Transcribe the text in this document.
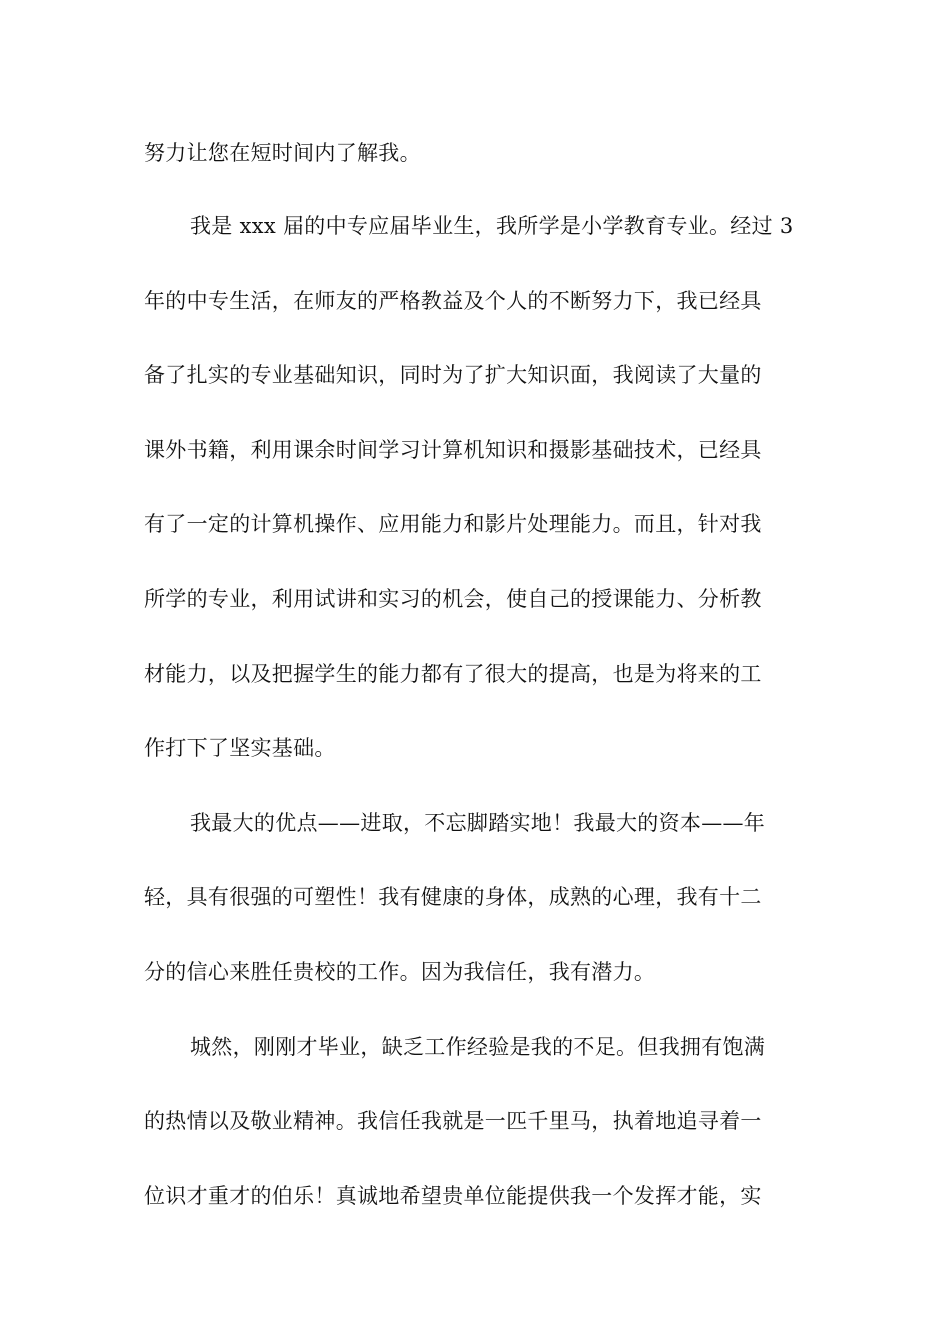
努力让您在短时间内了解我。
我是 xxx 届的中专应届毕业生，我所学是小学教育专业。经过 3
年的中专生活，在师友的严格教益及个人的不断努力下，我已经具
备了扎实的专业基础知识，同时为了扩大知识面，我阅读了大量的
课外书籍，利用课余时间学习计算机知识和摄影基础技术，已经具
有了一定的计算机操作、应用能力和影片处理能力。而且，针对我
所学的专业，利用试讲和实习的机会，使自己的授课能力、分析教
材能力，以及把握学生的能力都有了很大的提高，也是为将来的工
作打下了坚实基础。
我最大的优点——进取，不忘脚踏实地！我最大的资本——年
轻，具有很强的可塑性！我有健康的身体，成熟的心理，我有十二
分的信心来胜任贵校的工作。因为我信任，我有潜力。
城然，刚刚才毕业，缺乏工作经验是我的不足。但我拥有饱满
的热情以及敬业精神。我信任我就是一匹千里马，执着地追寻着一
位识才重才的伯乐！真诚地希望贵单位能提供我一个发挥才能，实
